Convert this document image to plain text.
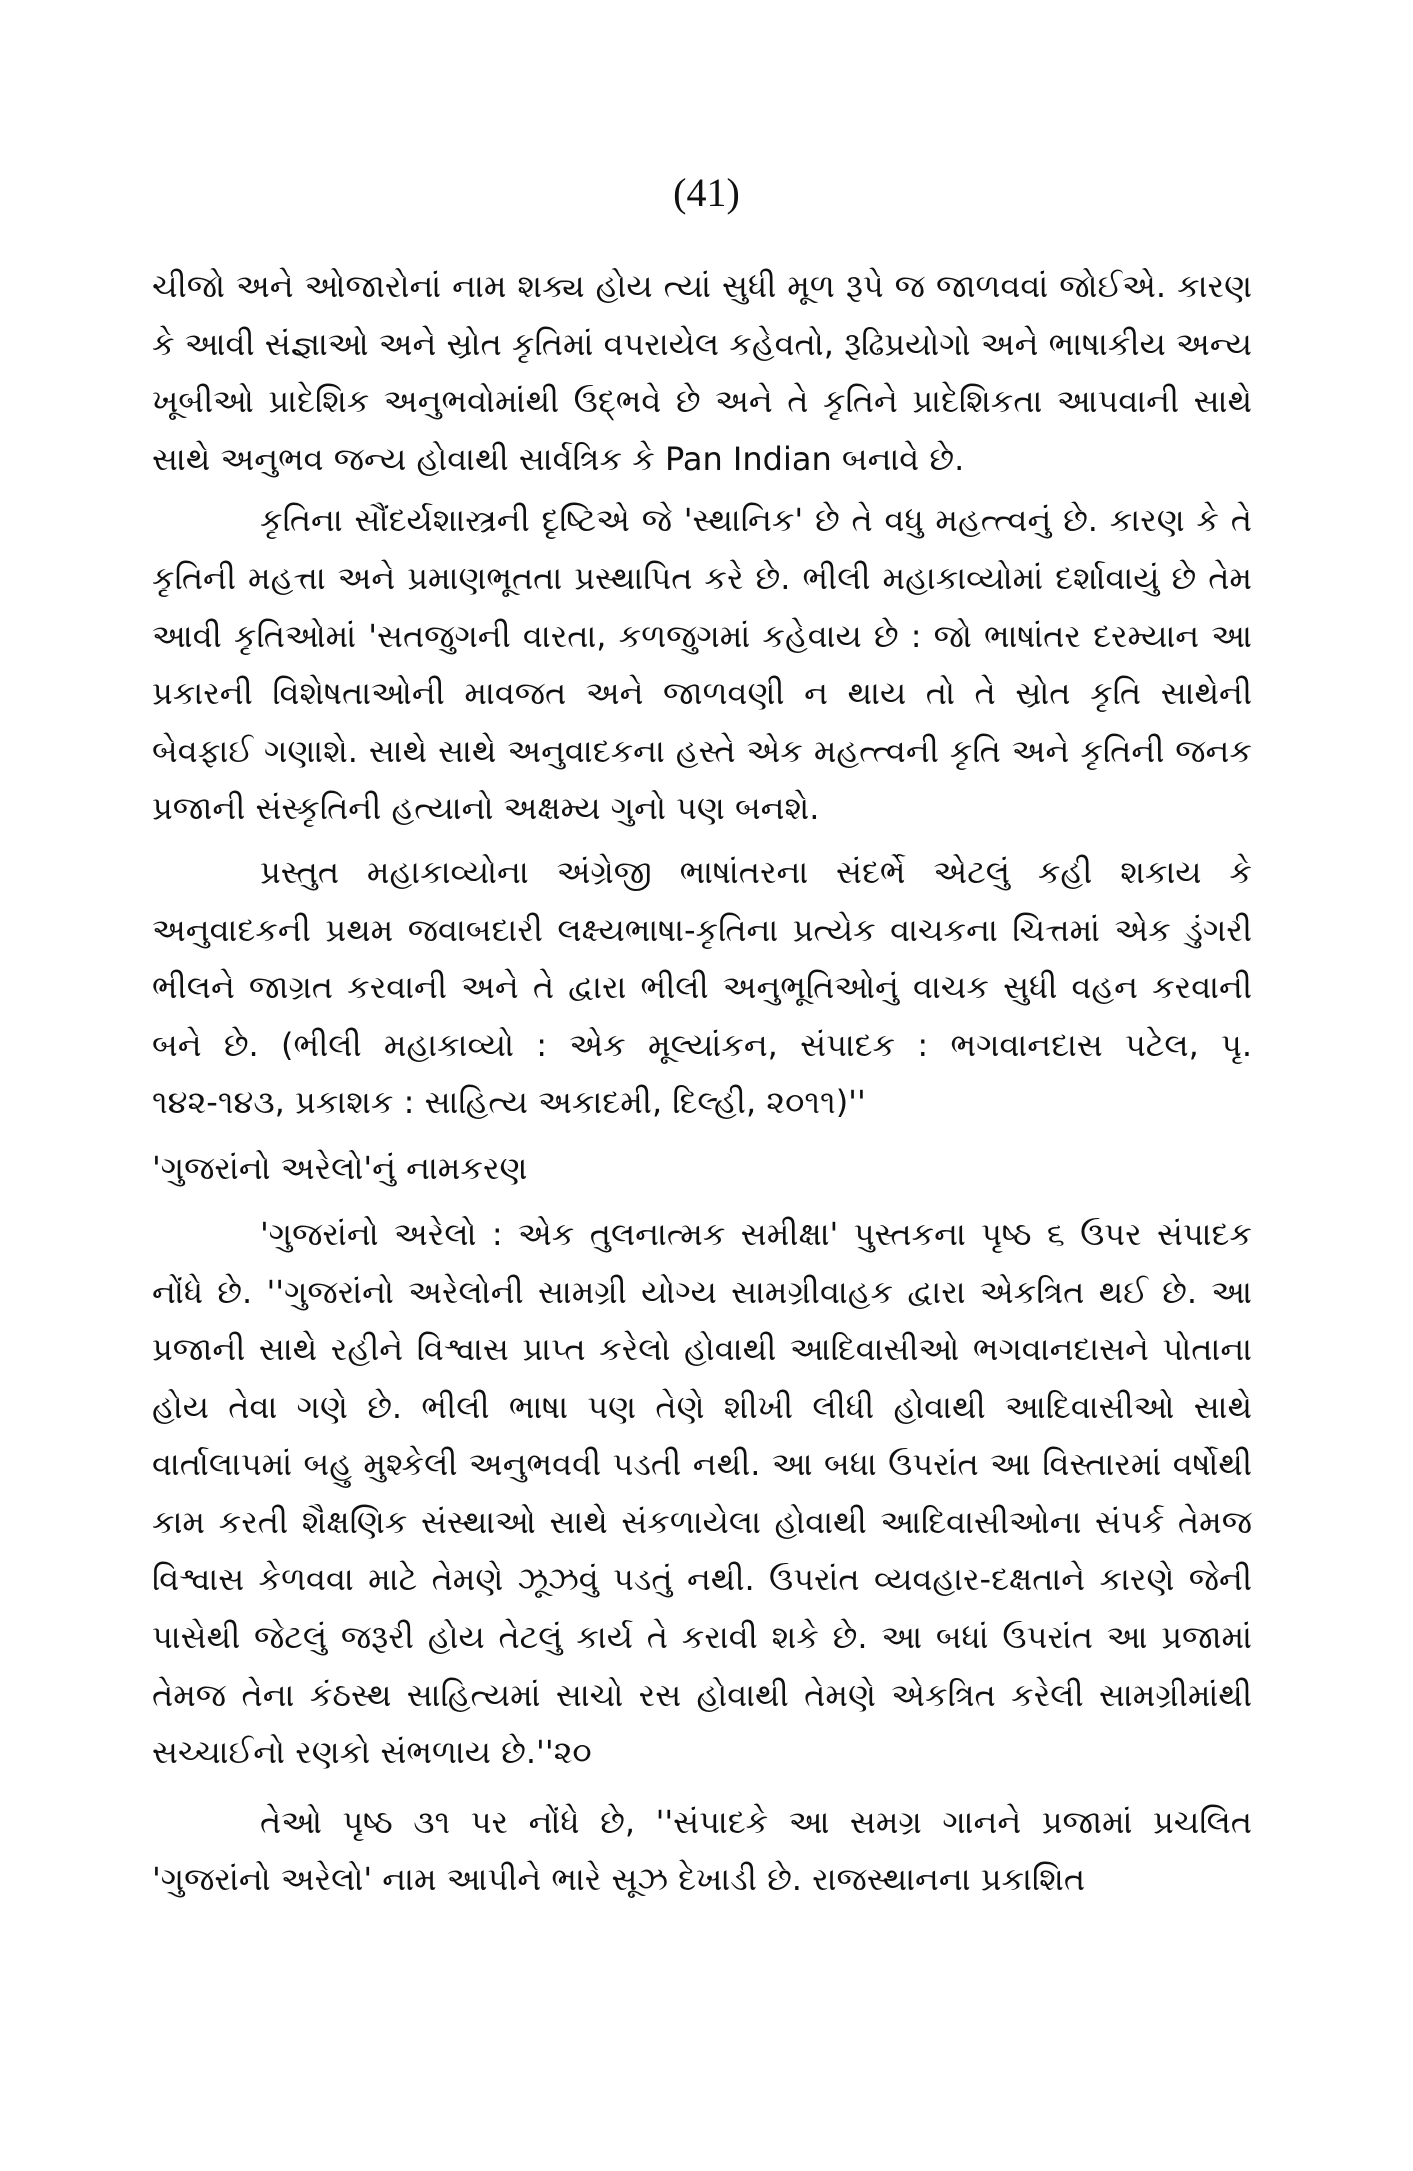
(41)

ચીજો અને ઓજારોનાં નામ શક્ય હોય ત્યાં સુધી મૂળ રૂપે જ જાળવવાં જોઈએ. કારણ કે આવી સંજ્ઞાઓ અને સ્રોત કૃતિમાં વપરાયેલ કહેવતો, રૂઢિપ્રયોગો અને ભાષાકીય અન્ય ખૂબીઓ પ્રાદેશિક અનુભવોમાંથી ઉદ્ભવે છે અને તે કૃતિને પ્રાદેશિકતા આપવાની સાથે સાથે અનુભવ જન્ય હોવાથી સાર્વત્રિક કે Pan Indian બનાવે છે.

કૃતિના સૌંદર્યશાસ્ત્રની દૃષ્ટિએ જે 'સ્થાનિક' છે તે વધુ મહત્ત્વનું છે. કારણ કે તે કૃતિની મહત્તા અને પ્રમાણભૂતતા પ્રસ્થાપિત કરે છે. ભીલી મહાકાવ્યોમાં દર્શાવાયું છે તેમ આવી કૃતિઓમાં 'સતજુગની વારતા, કળજુગમાં કહેવાય છે : જો ભાષાંતર દરમ્યાન આ પ્રકારની વિશેષતાઓની માવજત અને જાળવણી ન થાય તો તે સ્રોત કૃતિ સાથેની બેવફાઈ ગણાશે. સાથે સાથે અનુવાદકના હસ્તે એક મહત્ત્વની કૃતિ અને કૃતિની જનક પ્રજાની સંસ્કૃતિની હત્યાનો અક્ષમ્ય ગુનો પણ બનશે.

પ્રસ્તુત મહાકાવ્યોના અંગ્રેજી ભાષાંતરના સંદર્ભે એટલું કહી શકાય કે અનુવાદકની પ્રથમ જવાબદારી લક્ષ્યભાષા-કૃતિના પ્રત્યેક વાચકના ચિત્તમાં એક ડુંગરી ભીલને જાગ્રત કરવાની અને તે દ્વારા ભીલી અનુભૂતિઓનું વાચક સુધી વહન કરવાની બને છે. (ભીલી મહાકાવ્યો : એક મૂલ્યાંકન, સંપાદક : ભગવાનદાસ પટેલ, પૃ. ૧૪૨-૧૪૩, પ્રકાશક : સાહિત્ય અકાદમી, દિલ્હી, ૨૦૧૧)''

'ગુજરાંનો અરેલો'નું નામકરણ

'ગુજરાંનો અરેલો : એક તુલનાત્મક સમીક્ષા' પુસ્તકના પૃષ્ઠ ૬ ઉપર સંપાદક નોંધે છે. ''ગુજરાંનો અરેલોની સામગ્રી યોગ્ય સામગ્રીવાહક દ્વારા એકત્રિત થઈ છે. આ પ્રજાની સાથે રહીને વિશ્વાસ પ્રાપ્ત કરેલો હોવાથી આદિવાસીઓ ભગવાનદાસને પોતાના હોય તેવા ગણે છે. ભીલી ભાષા પણ તેણે શીખી લીધી હોવાથી આદિવાસીઓ સાથે વાર્તાલાપમાં બહુ મુશ્કેલી અનુભવવી પડતી નથી. આ બધા ઉપરાંત આ વિસ્તારમાં વર્ષોથી કામ કરતી શૈક્ષણિક સંસ્થાઓ સાથે સંકળાયેલા હોવાથી આદિવાસીઓના સંપર્ક તેમજ વિશ્વાસ કેળવવા માટે તેમણે ઝૂઝવું પડતું નથી. ઉપરાંત વ્યવહાર-દક્ષતાને કારણે જેની પાસેથી જેટલું જરૂરી હોય તેટલું કાર્ય તે કરાવી શકે છે. આ બધાં ઉપરાંત આ પ્રજામાં તેમજ તેના કંઠસ્થ સાહિત્યમાં સાચો રસ હોવાથી તેમણે એકત્રિત કરેલી સામગ્રીમાંથી સચ્ચાઈનો રણકો સંભળાય છે.''૨૦

તેઓ પૃષ્ઠ ૩૧ પર નોંધે છે, ''સંપાદકે આ સમગ્ર ગાનને પ્રજામાં પ્રચલિત 'ગુજરાંનો અરેલો' નામ આપીને ભારે સૂઝ દેખાડી છે. રાજસ્થાનના પ્રકાશિત
